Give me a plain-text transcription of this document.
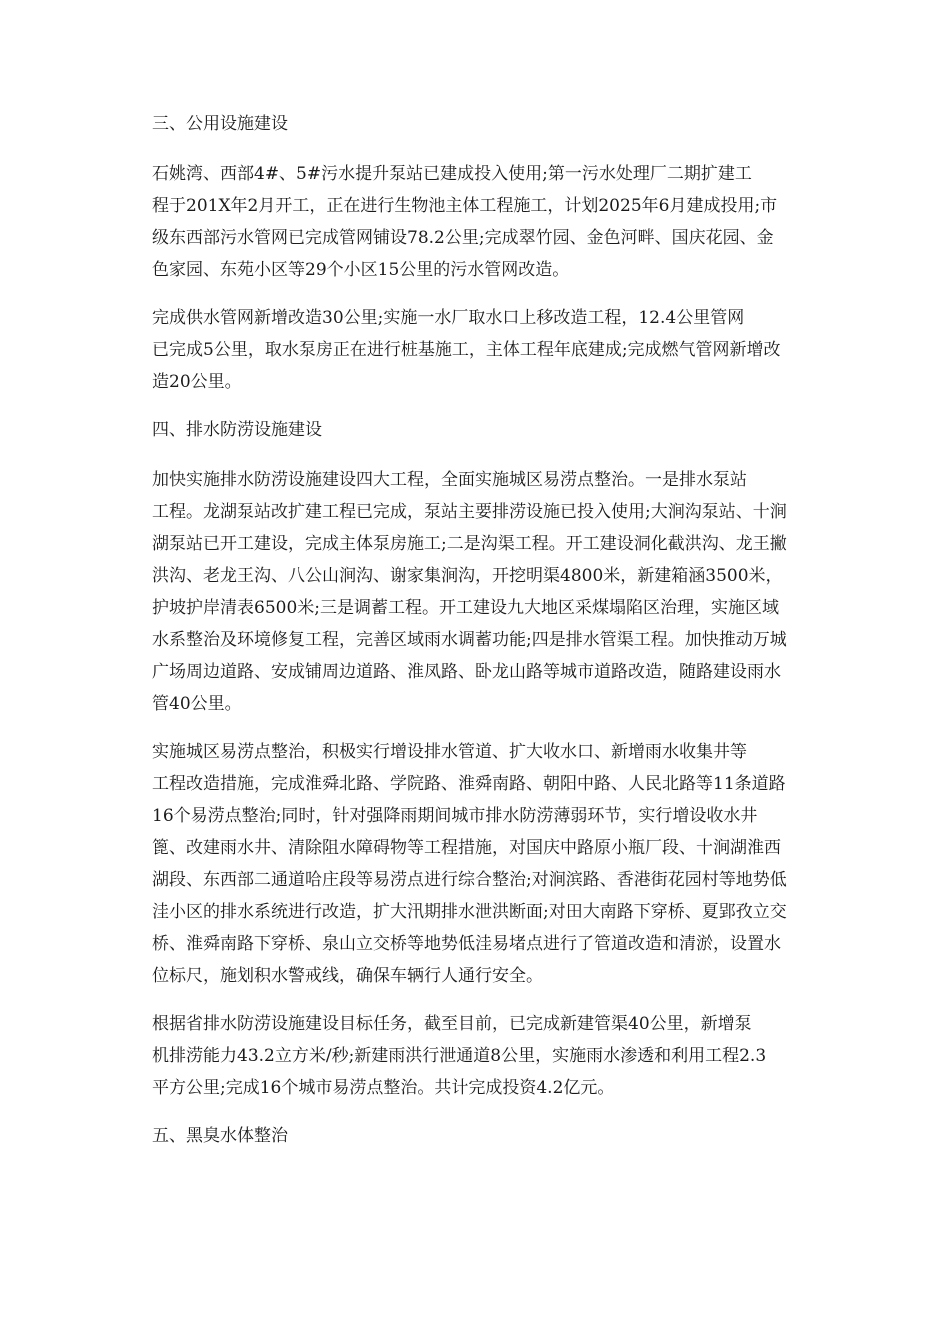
三、公用设施建设
石姚湾、西部4#、5#污水提升泵站已建成投入使用;第一污水处理厂二期扩建工
程于201X年2月开工，正在进行生物池主体工程施工，计划2025年6月建成投用;市
级东西部污水管网已完成管网铺设78.2公里;完成翠竹园、金色河畔、国庆花园、金
色家园、东苑小区等29个小区15公里的污水管网改造。
完成供水管网新增改造30公里;实施一水厂取水口上移改造工程，12.4公里管网
已完成5公里，取水泵房正在进行桩基施工，主体工程年底建成;完成燃气管网新增改
造20公里。
四、排水防涝设施建设
加快实施排水防涝设施建设四大工程，全面实施城区易涝点整治。一是排水泵站
工程。龙湖泵站改扩建工程已完成，泵站主要排涝设施已投入使用;大涧沟泵站、十涧
湖泵站已开工建设，完成主体泵房施工;二是沟渠工程。开工建设洞化截洪沟、龙王撇
洪沟、老龙王沟、八公山涧沟、谢家集涧沟，开挖明渠4800米，新建箱涵3500米，
护坡护岸清表6500米;三是调蓄工程。开工建设九大地区采煤塌陷区治理，实施区域
水系整治及环境修复工程，完善区域雨水调蓄功能;四是排水管渠工程。加快推动万城
广场周边道路、安成铺周边道路、淮凤路、卧龙山路等城市道路改造，随路建设雨水
管40公里。
实施城区易涝点整治，积极实行增设排水管道、扩大收水口、新增雨水收集井等
工程改造措施，完成淮舜北路、学院路、淮舜南路、朝阳中路、人民北路等11条道路
16个易涝点整治;同时，针对强降雨期间城市排水防涝薄弱环节，实行增设收水井
篦、改建雨水井、清除阻水障碍物等工程措施，对国庆中路原小瓶厂段、十涧湖淮西
湖段、东西部二通道哈庄段等易涝点进行综合整治;对涧滨路、香港街花园村等地势低
洼小区的排水系统进行改造，扩大汛期排水泄洪断面;对田大南路下穿桥、夏郢孜立交
桥、淮舜南路下穿桥、泉山立交桥等地势低洼易堵点进行了管道改造和清淤，设置水
位标尺，施划积水警戒线，确保车辆行人通行安全。
根据省排水防涝设施建设目标任务，截至目前，已完成新建管渠40公里，新增泵
机排涝能力43.2立方米/秒;新建雨洪行泄通道8公里，实施雨水渗透和利用工程2.3
平方公里;完成16个城市易涝点整治。共计完成投资4.2亿元。
五、黑臭水体整治
